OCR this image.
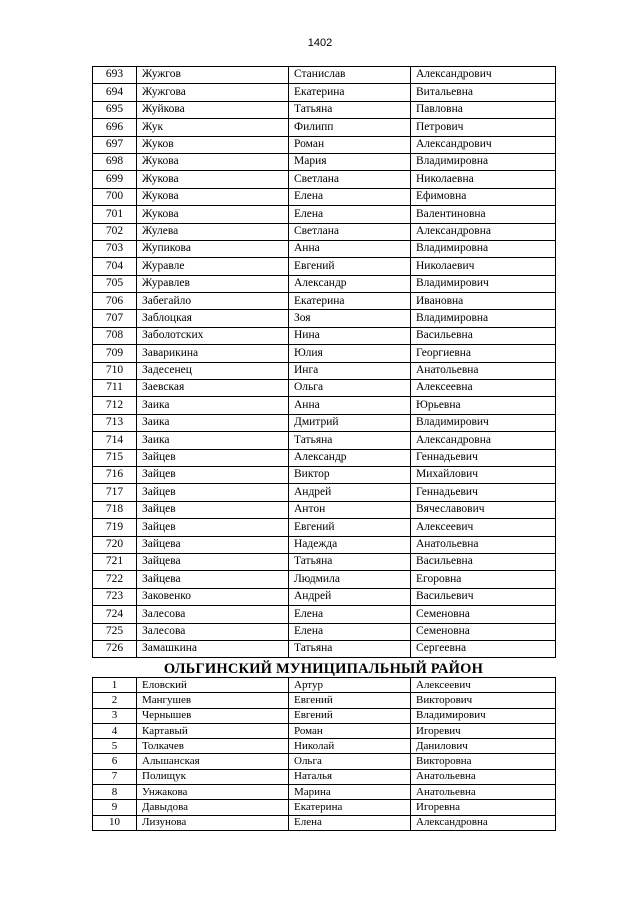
1402
693	Жужгов	Станислав	Александрович
694	Жужгова	Екатерина	Витальевна
695	Жуйкова	Татьяна	Павловна
696	Жук	Филипп	Петрович
697	Жуков	Роман	Александрович
698	Жукова	Мария	Владимировна
699	Жукова	Светлана	Николаевна
700	Жукова	Елена	Ефимовна
701	Жукова	Елена	Валентиновна
702	Жулева	Светлана	Александровна
703	Жупикова	Анна	Владимировна
704	Журавле	Евгений	Николаевич
705	Журавлев	Александр	Владимирович
706	Забегайло	Екатерина	Ивановна
707	Заблоцкая	Зоя	Владимировна
708	Заболотских	Нина	Васильевна
709	Заварикина	Юлия	Георгиевна
710	Задесенец	Инга	Анатольевна
711	Заевская	Ольга	Алексеевна
712	Заика	Анна	Юрьевна
713	Заика	Дмитрий	Владимирович
714	Заика	Татьяна	Александровна
715	Зайцев	Александр	Геннадьевич
716	Зайцев	Виктор	Михайлович
717	Зайцев	Андрей	Геннадьевич
718	Зайцев	Антон	Вячеславович
719	Зайцев	Евгений	Алексеевич
720	Зайцева	Надежда	Анатольевна
721	Зайцева	Татьяна	Васильевна
722	Зайцева	Людмила	Егоровна
723	Заковенко	Андрей	Васильевич
724	Залесова	Елена	Семеновна
725	Залесова	Елена	Семеновна
726	Замашкина	Татьяна	Сергеевна
ОЛЬГИНСКИЙ МУНИЦИПАЛЬНЫЙ РАЙОН
1	Еловский	Артур	Алексеевич
2	Мангушев	Евгений	Викторович
3	Чернышев	Евгений	Владимирович
4	Картавый	Роман	Игоревич
5	Толкачев	Николай	Данилович
6	Альшанская	Ольга	Викторовна
7	Полищук	Наталья	Анатольевна
8	Унжакова	Марина	Анатольевна
9	Давыдова	Екатерина	Игоревна
10	Лизунова	Елена	Александровна
